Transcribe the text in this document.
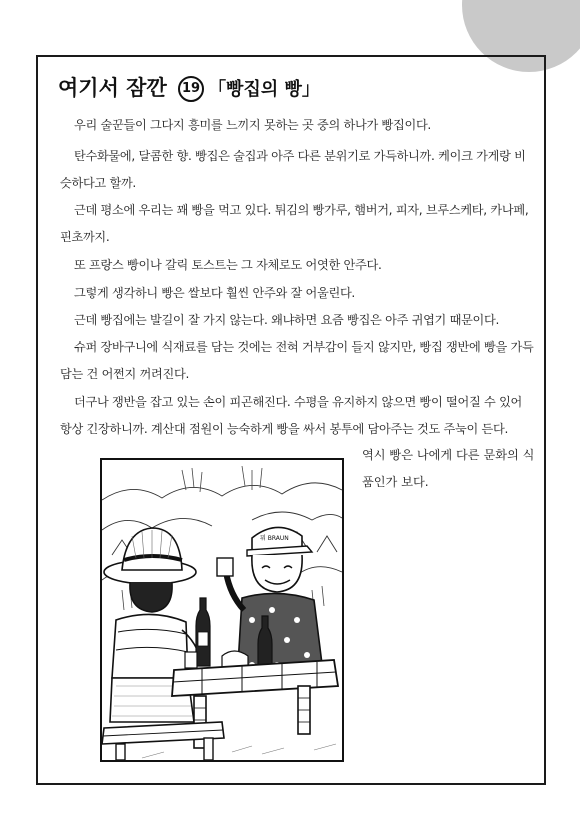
여기서 잠깐 19 「빵집의 빵」

우리 술꾼들이 그다지 흥미를 느끼지 못하는 곳 중의 하나가 빵집이다.

탄수화물에, 달콤한 향. 빵집은 술집과 아주 다른 분위기로 가득하니까. 케이크 가게랑 비슷하다고 할까.

근데 평소에 우리는 꽤 빵을 먹고 있다. 튀김의 빵가루, 햄버거, 피자, 브루스케타, 카나페, 핀초까지.

또 프랑스 빵이나 갈릭 토스트는 그 자체로도 어엿한 안주다.

그렇게 생각하니 빵은 쌀보다 훨씬 안주와 잘 어울린다.

근데 빵집에는 발길이 잘 가지 않는다. 왜냐하면 요즘 빵집은 아주 귀엽기 때문이다.

슈퍼 장바구니에 식재료를 담는 것에는 전혀 거부감이 들지 않지만, 빵집 쟁반에 빵을 가득 담는 건 어쩐지 꺼려진다.

더구나 쟁반을 잡고 있는 손이 피곤해진다. 수평을 유지하지 않으면 빵이 떨어질 수 있어 항상 긴장하니까. 계산대 점원이 능숙하게 빵을 싸서 봉투에 담아주는 것도 주눅이 든다.

역시 빵은 나에게 다른 문화의 식

품인가 보다.

뭐 BRAUN
